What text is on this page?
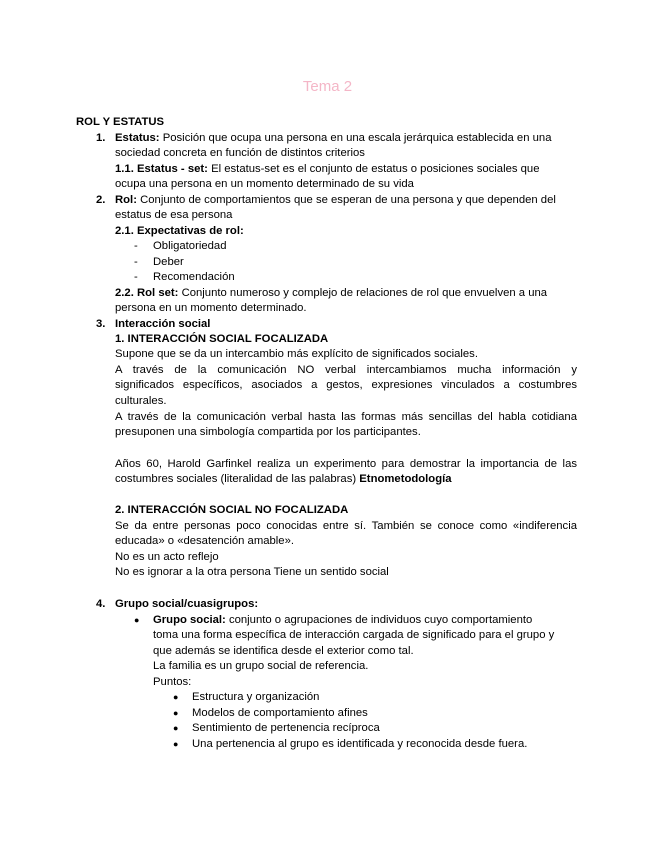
Tema 2
ROL Y ESTATUS
1. Estatus: Posición que ocupa una persona en una escala jerárquica establecida en una
sociedad concreta en función de distintos criterios
1.1. Estatus - set: El estatus-set es el conjunto de estatus o posiciones sociales que
ocupa una persona en un momento determinado de su vida
2. Rol: Conjunto de comportamientos que se esperan de una persona y que dependen del
estatus de esa persona
2.1. Expectativas de rol:
- Obligatoriedad
- Deber
- Recomendación
2.2. Rol set: Conjunto numeroso y complejo de relaciones de rol que envuelven a una
persona en un momento determinado.
3. Interacción social
1. INTERACCIÓN SOCIAL FOCALIZADA
Supone que se da un intercambio más explícito de significados sociales.
A través de la comunicación NO verbal intercambiamos mucha información y
significados específicos, asociados a gestos, expresiones vinculados a costumbres
culturales.
A través de la comunicación verbal hasta las formas más sencillas del habla cotidiana
presuponen una simbología compartida por los participantes.
Años 60, Harold Garfinkel realiza un experimento para demostrar la importancia de las
costumbres sociales (literalidad de las palabras) Etnometodología
2. INTERACCIÓN SOCIAL NO FOCALIZADA
Se da entre personas poco conocidas entre sí. También se conoce como «indiferencia
educada» o «desatención amable».
No es un acto reflejo
No es ignorar a la otra persona Tiene un sentido social
4. Grupo social/cuasigrupos:
● Grupo social: conjunto o agrupaciones de individuos cuyo comportamiento
toma una forma específica de interacción cargada de significado para el grupo y
que además se identifica desde el exterior como tal.
La familia es un grupo social de referencia.
Puntos:
● Estructura y organización
● Modelos de comportamiento afines
● Sentimiento de pertenencia recíproca
● Una pertenencia al grupo es identificada y reconocida desde fuera.
